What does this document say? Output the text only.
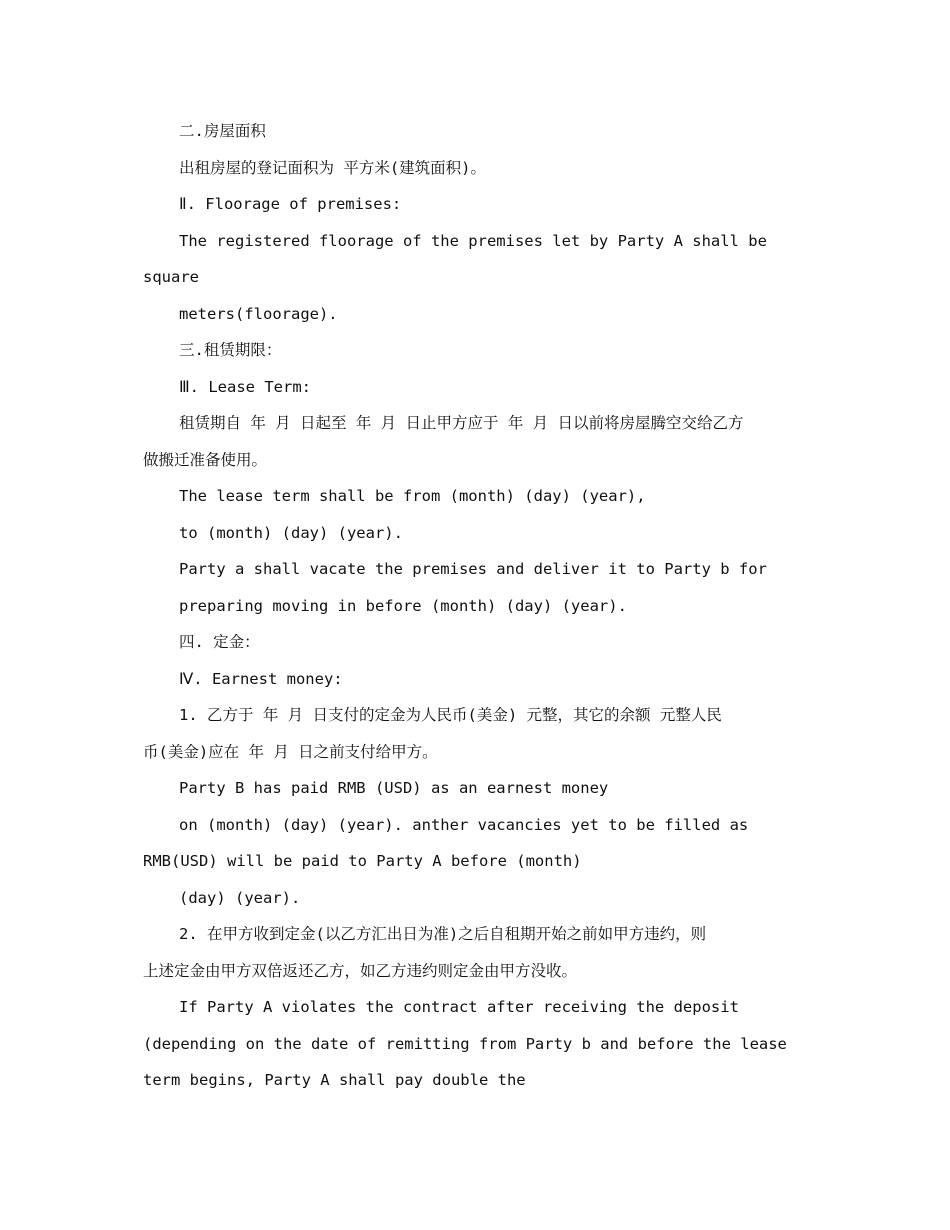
二.房屋面积
出租房屋的登记面积为 平方米(建筑面积)。
Ⅱ. Floorage of premises:
The registered floorage of the premises let by Party A shall be
square
meters(floorage).
三.租赁期限：
Ⅲ. Lease Term:
租赁期自 年 月 日起至 年 月 日止甲方应于 年 月 日以前将房屋腾空交给乙方
做搬迁准备使用。
The lease term shall be from (month) (day) (year),
to (month) (day) (year).
Party a shall vacate the premises and deliver it to Party b for
preparing moving in before (month) (day) (year).
四. 定金：
Ⅳ. Earnest money:
1. 乙方于 年 月 日支付的定金为人民币(美金) 元整，其它的余额 元整人民
币(美金)应在 年 月 日之前支付给甲方。
Party B has paid RMB (USD) as an earnest money
on (month) (day) (year). anther vacancies yet to be filled as
RMB(USD) will be paid to Party A before (month)
(day) (year).
2. 在甲方收到定金(以乙方汇出日为准)之后自租期开始之前如甲方违约，则
上述定金由甲方双倍返还乙方，如乙方违约则定金由甲方没收。
If Party A violates the contract after receiving the deposit
(depending on the date of remitting from Party b and before the lease
term begins, Party A shall pay double the
